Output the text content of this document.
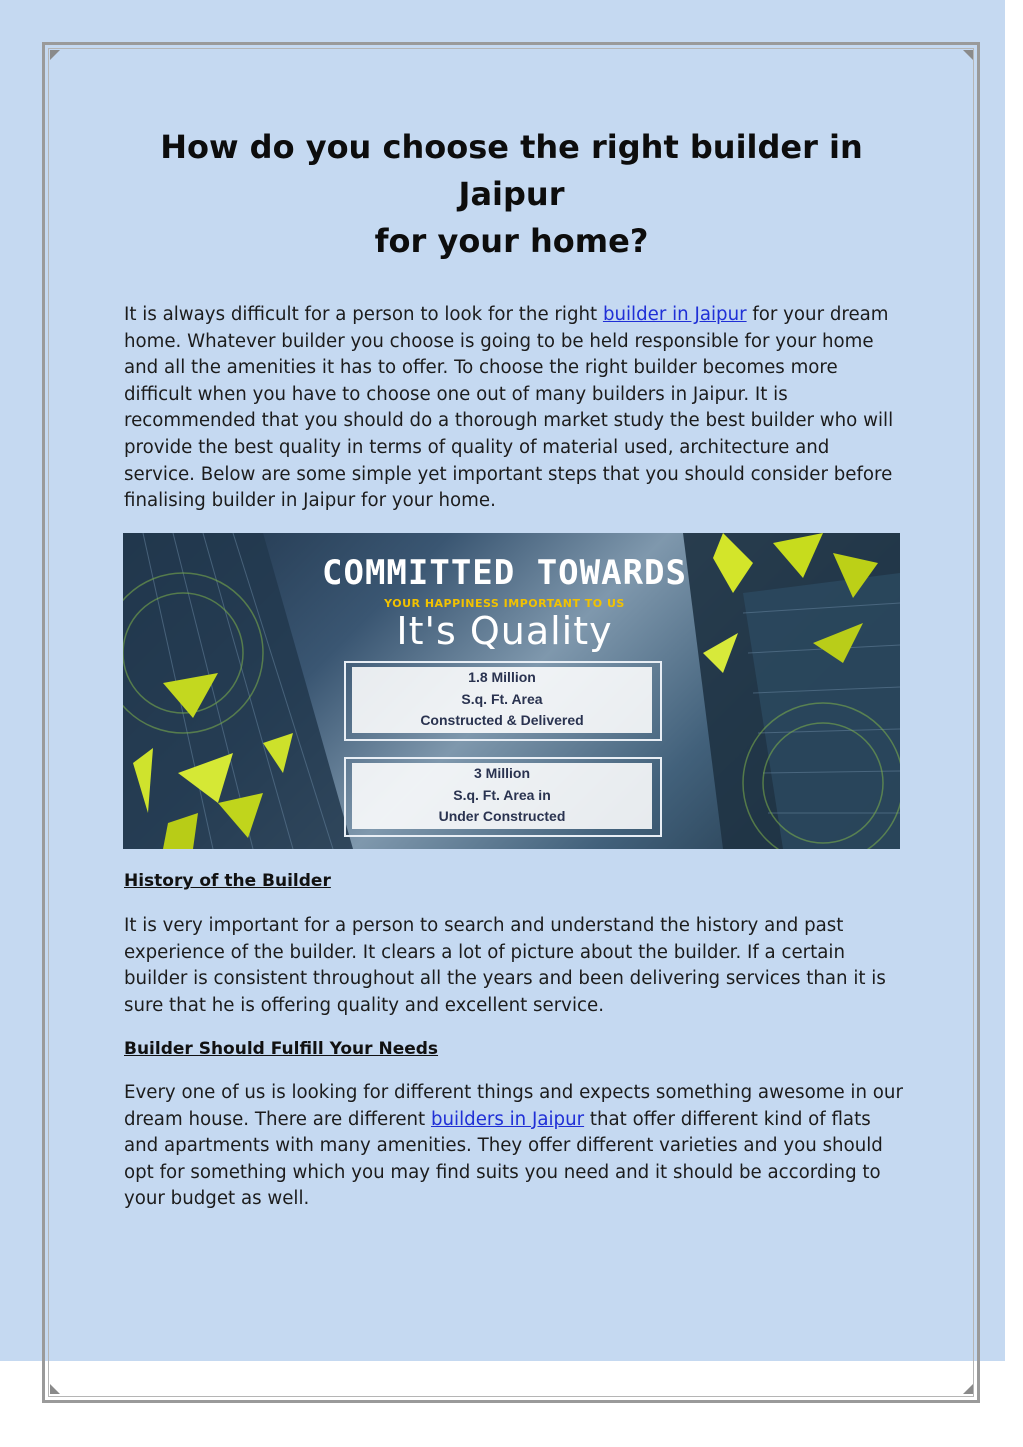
How do you choose the right builder in Jaipur
for your home?

It is always difficult for a person to look for the right builder in Jaipur for your dream home. Whatever builder you choose is going to be held responsible for your home and all the amenities it has to offer. To choose the right builder becomes more difficult when you have to choose one out of many builders in Jaipur. It is recommended that you should do a thorough market study the best builder who will provide the best quality in terms of quality of material used, architecture and service. Below are some simple yet important steps that you should consider before finalising builder in Jaipur for your home.

COMMITTED TOWARDS
YOUR HAPPINESS IMPORTANT TO US
It's Quality
1.8 Million
S.q. Ft. Area
Constructed & Delivered
3 Million
S.q. Ft. Area in
Under Constructed
History of the Builder

It is very important for a person to search and understand the history and past experience of the builder. It clears a lot of picture about the builder. If a certain builder is consistent throughout all the years and been delivering services than it is sure that he is offering quality and excellent service.

Builder Should Fulfill Your Needs

Every one of us is looking for different things and expects something awesome in our dream house. There are different builders in Jaipur that offer different kind of flats and apartments with many amenities. They offer different varieties and you should opt for something which you may find suits you need and it should be according to your budget as well.
